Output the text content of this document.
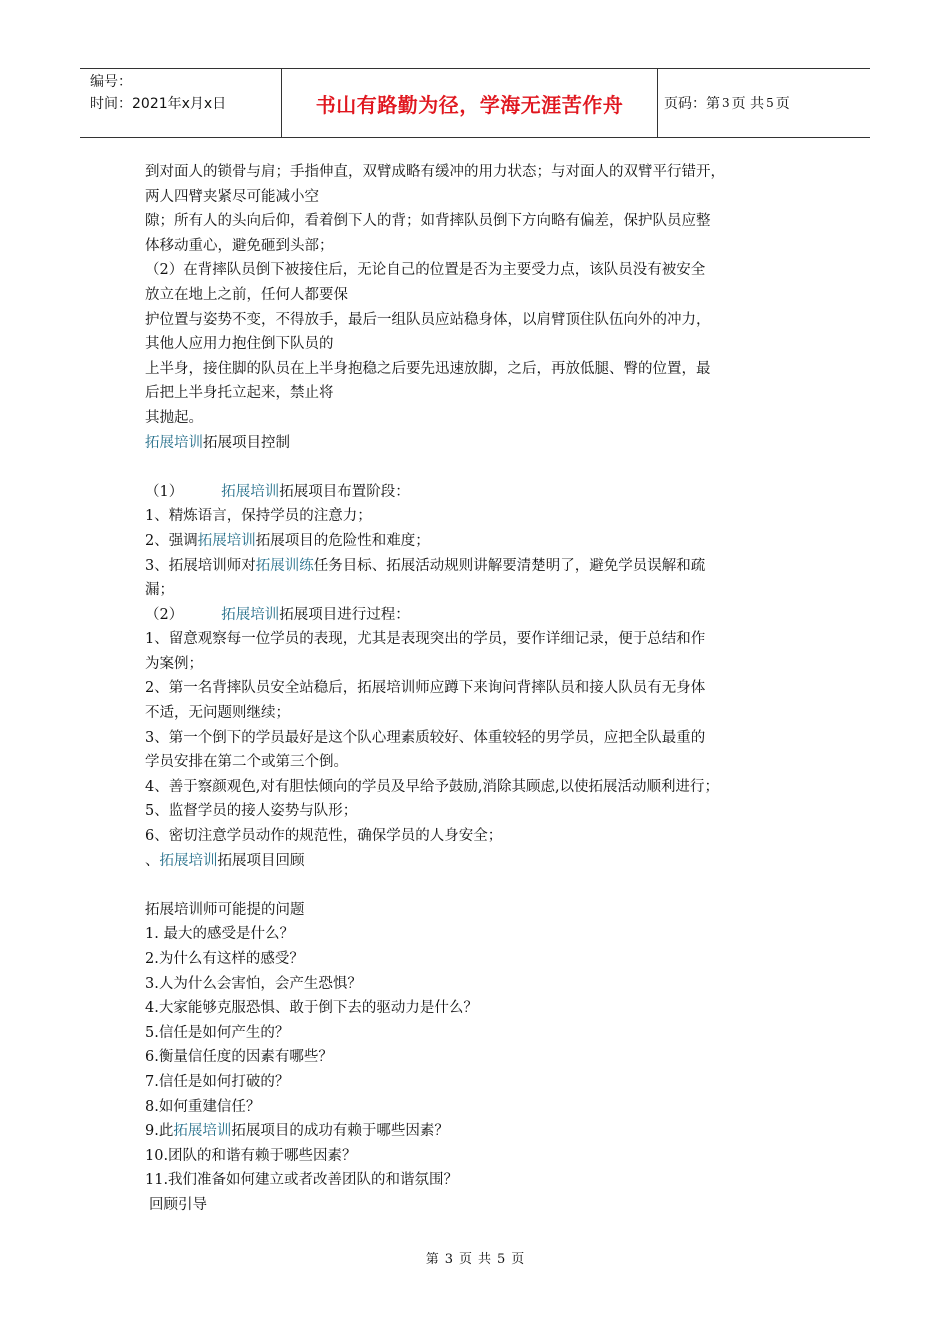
编号：
时间：2021年x月x日	书山有路勤为径，学海无涯苦作舟	页码：第 3 页 共 5 页
到对面人的锁骨与肩；手指伸直，双臂成略有缓冲的用力状态；与对面人的双臂平行错开，
两人四臂夹紧尽可能减小空
隙；所有人的头向后仰，看着倒下人的背；如背摔队员倒下方向略有偏差，保护队员应整
体移动重心，避免砸到头部；
（2）在背摔队员倒下被接住后，无论自己的位置是否为主要受力点，该队员没有被安全
放立在地上之前，任何人都要保
护位置与姿势不变，不得放手，最后一组队员应站稳身体，以肩臂顶住队伍向外的冲力，
其他人应用力抱住倒下队员的
上半身，接住脚的队员在上半身抱稳之后要先迅速放脚，之后，再放低腿、臀的位置，最
后把上半身托立起来，禁止将
其抛起。
拓展培训拓展项目控制
（1）	拓展培训拓展项目布置阶段：
1、精炼语言，保持学员的注意力；
2、强调拓展培训拓展项目的危险性和难度；
3、拓展培训师对拓展训练任务目标、拓展活动规则讲解要清楚明了，避免学员误解和疏
漏；
（2）	拓展培训拓展项目进行过程：
1、留意观察每一位学员的表现，尤其是表现突出的学员，要作详细记录，便于总结和作
为案例；
2、第一名背摔队员安全站稳后，拓展培训师应蹲下来询问背摔队员和接人队员有无身体
不适，无问题则继续；
3、第一个倒下的学员最好是这个队心理素质较好、体重较轻的男学员，应把全队最重的
学员安排在第二个或第三个倒。
4、善于察颜观色,对有胆怯倾向的学员及早给予鼓励,消除其顾虑,以使拓展活动顺利进行；
5、监督学员的接人姿势与队形；
6、密切注意学员动作的规范性，确保学员的人身安全；
、拓展培训拓展项目回顾
拓展培训师可能提的问题
1. 最大的感受是什么？
2.为什么有这样的感受？
3.人为什么会害怕，会产生恐惧？
4.大家能够克服恐惧、敢于倒下去的驱动力是什么？
5.信任是如何产生的？
6.衡量信任度的因素有哪些？
7.信任是如何打破的？
8.如何重建信任？
9.此拓展培训拓展项目的成功有赖于哪些因素？
10.团队的和谐有赖于哪些因素？
11.我们准备如何建立或者改善团队的和谐氛围？
回顾引导
第 3 页 共 5 页
